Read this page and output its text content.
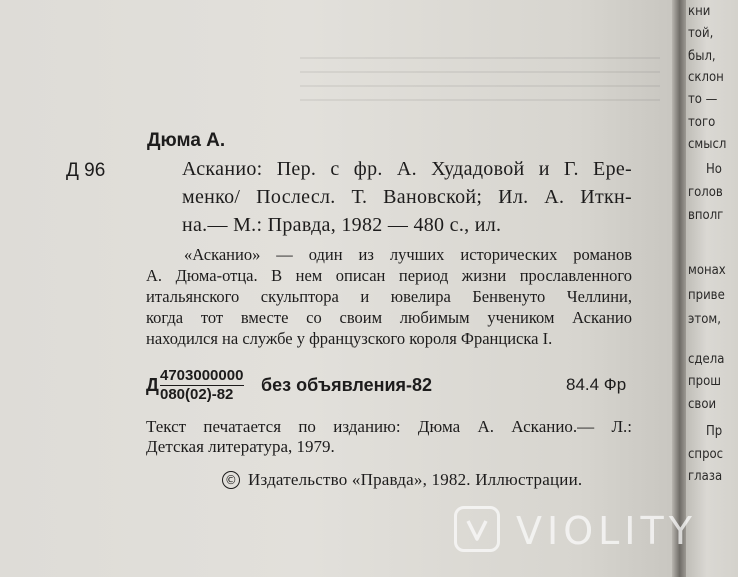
Дюма А.
Д 96	Асканио: Пер. с фр. А. Худадовой и Г. Ере-

менко/ Послесл. Т. Вановской; Ил. А. Иткн-

на.— М.: Правда, 1982 — 480 с., ил.

«Асканио» — один из лучших исторических романов

А. Дюма-отца. В нем описан период жизни прославленного

итальянского скульптора и ювелира Бенвенуто Челлини,

когда тот вместе со своим любимым учеником Асканио

находился на службе у французского короля Франциска I.

Д $\frac{4703000000}{080(02)-82}$ без объявления-82	84.4 Фр

Текст печатается по изданию: Дюма А. Асканио.— Л.:

Детская литература, 1979.

© Издательство «Правда», 1982. Иллюстрации.
кни
той,
был,
склон
то —
того
смысл
Но
голов
вполг
монах
приве
этом,
сдела
прош
свои
Пр
спрос
глаза
VIOLITY
